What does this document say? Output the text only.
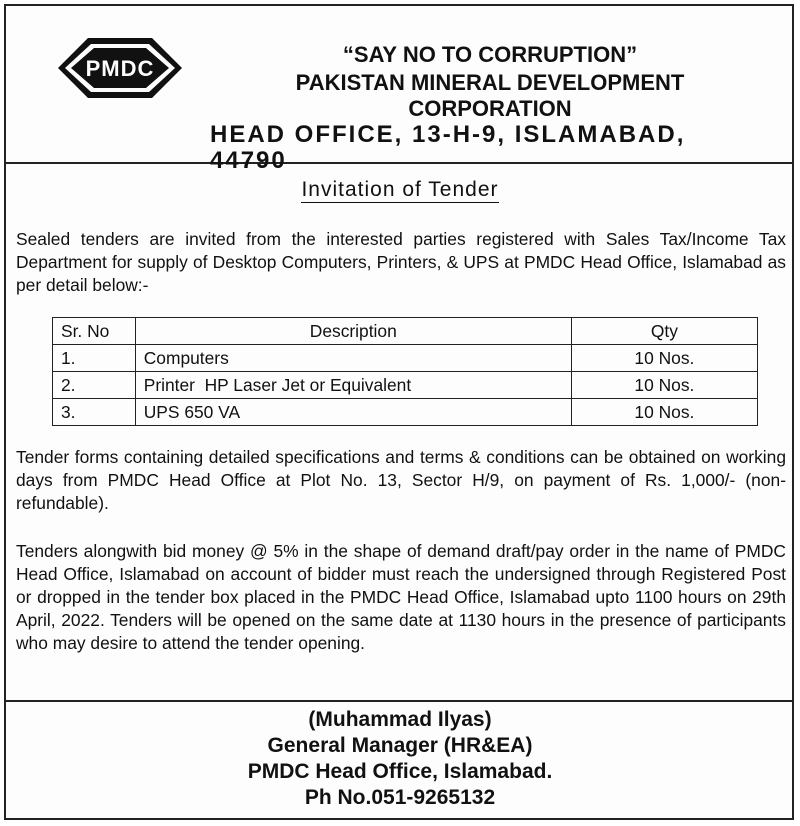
PMDC
“SAY NO TO CORRUPTION”
PAKISTAN MINERAL DEVELOPMENT
CORPORATION
HEAD OFFICE, 13-H-9, ISLAMABAD, 44790
Invitation of Tender
Sealed tenders are invited from the interested parties registered with Sales Tax/Income Tax Department for supply of Desktop Computers, Printers, & UPS at PMDC Head Office, Islamabad as per detail below:-
Sr. No	Description	Qty
1.	Computers	10 Nos.
2.	Printer  HP Laser Jet or Equivalent	10 Nos.
3.	UPS 650 VA	10 Nos.
Tender forms containing detailed specifications and terms & conditions can be obtained on working days from PMDC Head Office at Plot No. 13, Sector H/9, on payment of Rs. 1,000/- (non-refundable).
Tenders alongwith bid money @ 5% in the shape of demand draft/pay order in the name of PMDC Head Office, Islamabad on account of bidder must reach the undersigned through Registered Post or dropped in the tender box placed in the PMDC Head Office, Islamabad upto 1100 hours on 29th April, 2022. Tenders will be opened on the same date at 1130 hours in the presence of participants who may desire to attend the tender opening.
(Muhammad Ilyas)
General Manager (HR&EA)
PMDC Head Office, Islamabad.
Ph No.051-9265132
